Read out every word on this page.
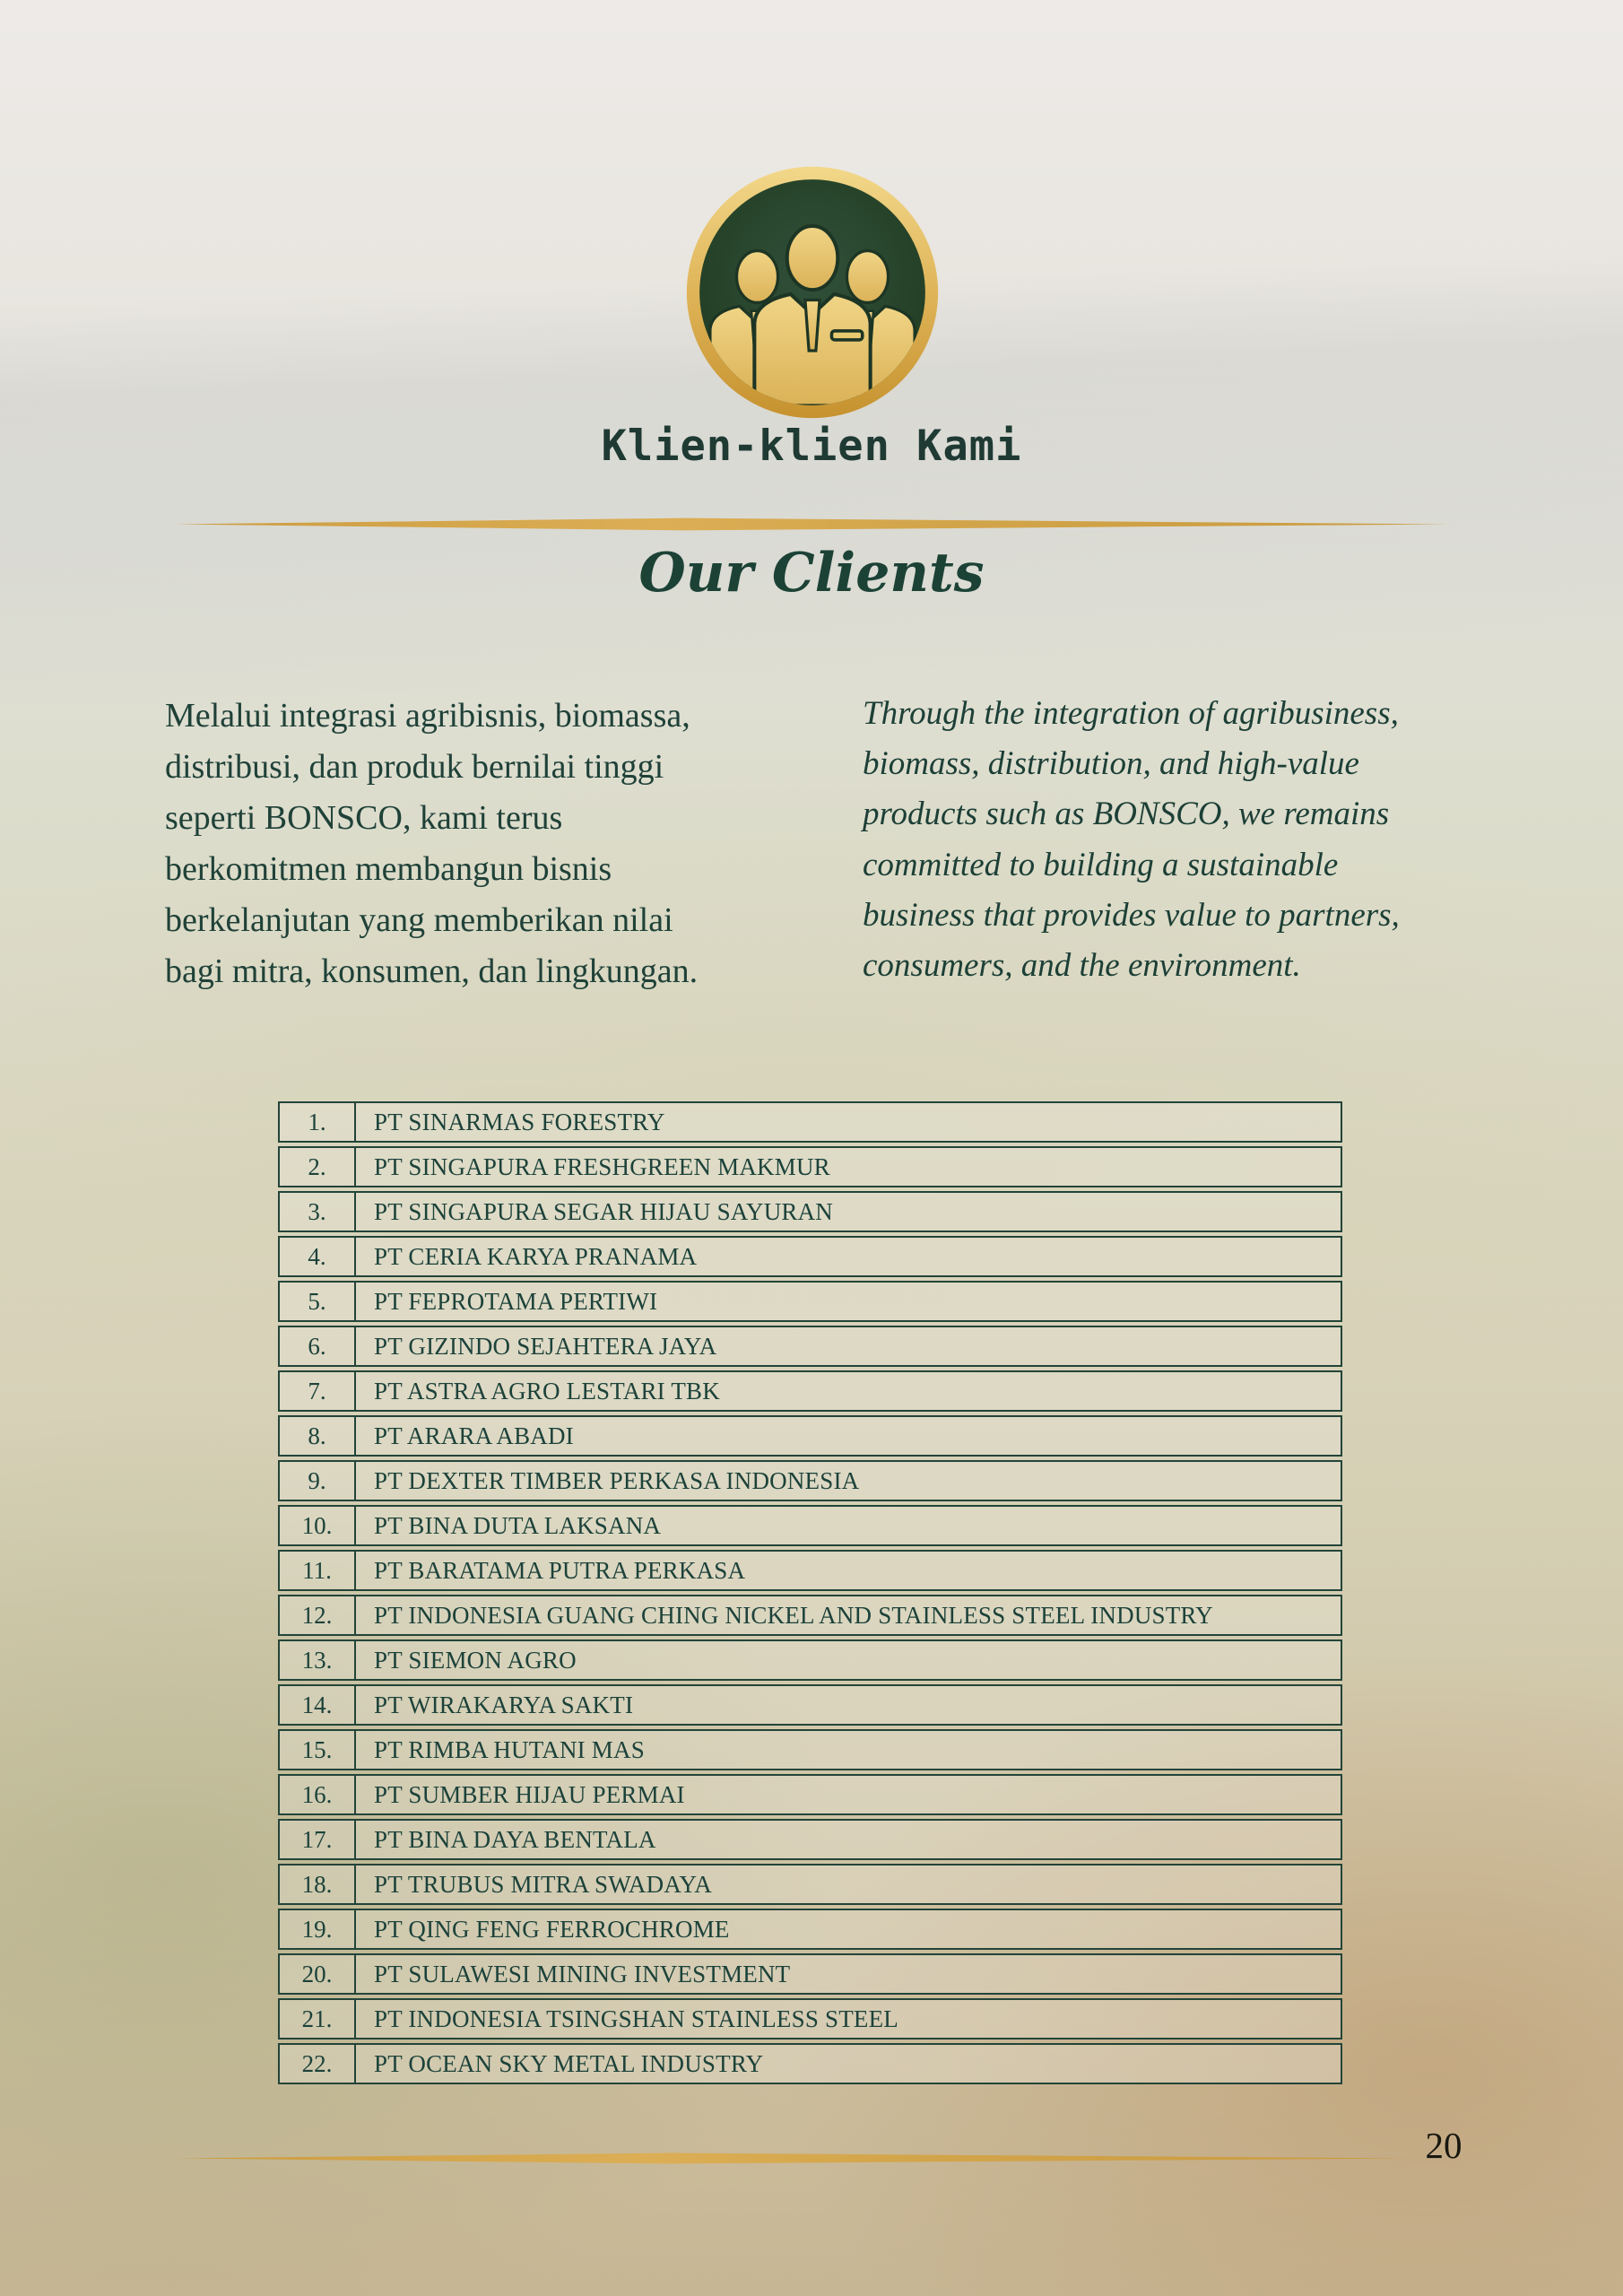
Klien-klien Kami
Our Clients
Melalui integrasi agribisnis, biomassa, distribusi, dan produk bernilai tinggi seperti BONSCO, kami terus berkomitmen membangun bisnis berkelanjutan yang memberikan nilai bagi mitra, konsumen, dan lingkungan.
Through the integration of agribusiness, biomass, distribution, and high-value products such as BONSCO, we remains committed to building a sustainable business that provides value to partners, consumers, and the environment.
1.	PT SINARMAS FORESTRY
2.	PT SINGAPURA FRESHGREEN MAKMUR
3.	PT SINGAPURA SEGAR HIJAU SAYURAN
4.	PT CERIA KARYA PRANAMA
5.	PT FEPROTAMA PERTIWI
6.	PT GIZINDO SEJAHTERA JAYA
7.	PT ASTRA AGRO LESTARI TBK
8.	PT ARARA ABADI
9.	PT DEXTER TIMBER PERKASA INDONESIA
10.	PT BINA DUTA LAKSANA
11.	PT BARATAMA PUTRA PERKASA
12.	PT INDONESIA GUANG CHING NICKEL AND STAINLESS STEEL INDUSTRY
13.	PT SIEMON AGRO
14.	PT WIRAKARYA SAKTI
15.	PT RIMBA HUTANI MAS
16.	PT SUMBER HIJAU PERMAI
17.	PT BINA DAYA BENTALA
18.	PT TRUBUS MITRA SWADAYA
19.	PT QING FENG FERROCHROME
20.	PT SULAWESI MINING INVESTMENT
21.	PT INDONESIA TSINGSHAN STAINLESS STEEL
22.	PT OCEAN SKY METAL INDUSTRY
20
